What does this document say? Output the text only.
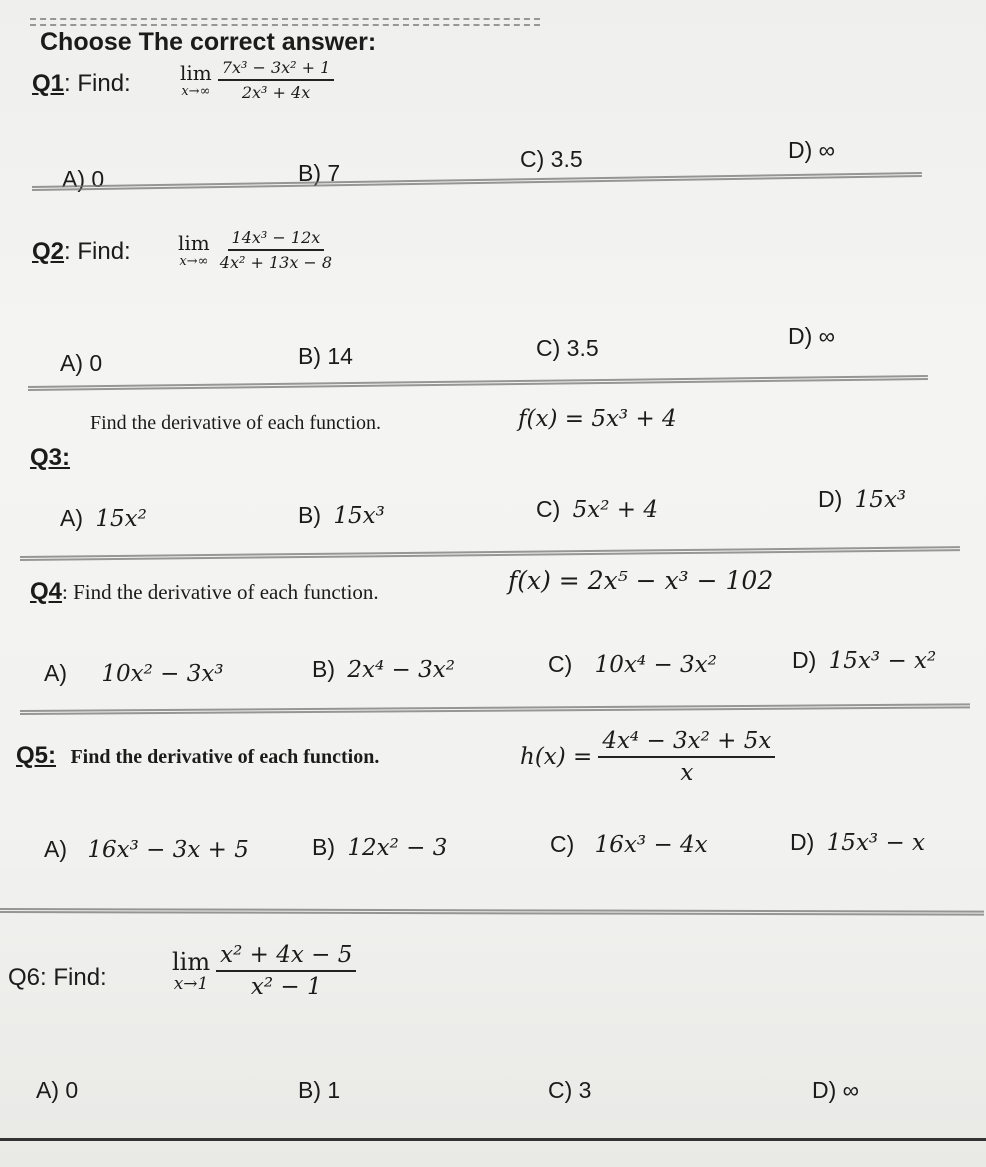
Choose The correct answer:
Q1: Find: lim
$x\to\infty \frac{\text{7x³ − 3x² + 1}}{\text{2x³ + 4x}}$
A) 0	B) 7
C) 3.5	D) ∞
Q2: Find: lim
$x\to\infty \frac{\text{14x³ − 12x}}{\text{4x² + 13x − 8}}$
A) 0	B) 14	C) 3.5	D) ∞
Find the derivative of each function.	f(x) = 5x³ + 4
Q3:
A) 15x²	B) 15x³	C) 5x² + 4	D) 15x³
Q4: Find the derivative of each function.	f(x) = 2x⁵ − x³ − 102
A) 10x² − 3x³	B) 2x⁴ − 3x²	C) 10x⁴ − 3x²	D) 15x³ − x²
Q5: Find the derivative of each function.	$h(x) = \frac{\text{4x⁴ − 3x² + 5x}}{x}$
A) 16x³ − 3x + 5	B) 12x² − 3	C) 16x³ − 4x	D) 15x³ − x
Q6: Find:
lim
$x\to 1 \frac{\text{x² + 4x − 5}}{\text{x² − 1}}$
A) 0	B) 1	C) 3	D) ∞
